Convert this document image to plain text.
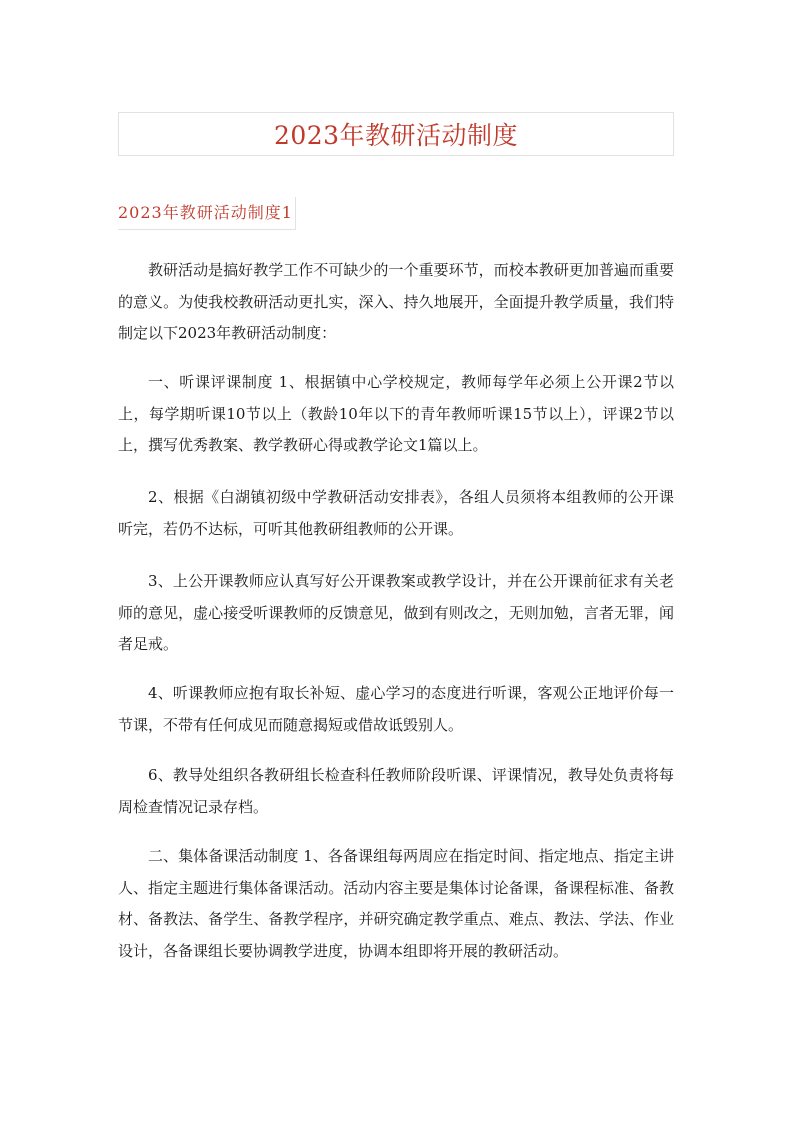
2023年教研活动制度
2023年教研活动制度1

教研活动是搞好教学工作不可缺少的一个重要环节，而校本教研更加普遍而重要的意义。为使我校教研活动更扎实，深入、持久地展开，全面提升教学质量，我们特制定以下2023年教研活动制度：

一、听课评课制度 1、根据镇中心学校规定，教师每学年必须上公开课2节以上，每学期听课10节以上（教龄10年以下的青年教师听课15节以上），评课2节以上，撰写优秀教案、教学教研心得或教学论文1篇以上。

2、根据《白湖镇初级中学教研活动安排表》，各组人员须将本组教师的公开课听完，若仍不达标，可听其他教研组教师的公开课。

3、上公开课教师应认真写好公开课教案或教学设计，并在公开课前征求有关老师的意见，虚心接受听课教师的反馈意见，做到有则改之，无则加勉，言者无罪，闻者足戒。

4、听课教师应抱有取长补短、虚心学习的态度进行听课，客观公正地评价每一节课，不带有任何成见而随意揭短或借故诋毁别人。

6、教导处组织各教研组长检查科任教师阶段听课、评课情况，教导处负责将每周检查情况记录存档。

二、集体备课活动制度 1、各备课组每两周应在指定时间、指定地点、指定主讲人、指定主题进行集体备课活动。活动内容主要是集体讨论备课，备课程标准、备教材、备教法、备学生、备教学程序，并研究确定教学重点、难点、教法、学法、作业设计，各备课组长要协调教学进度，协调本组即将开展的教研活动。
